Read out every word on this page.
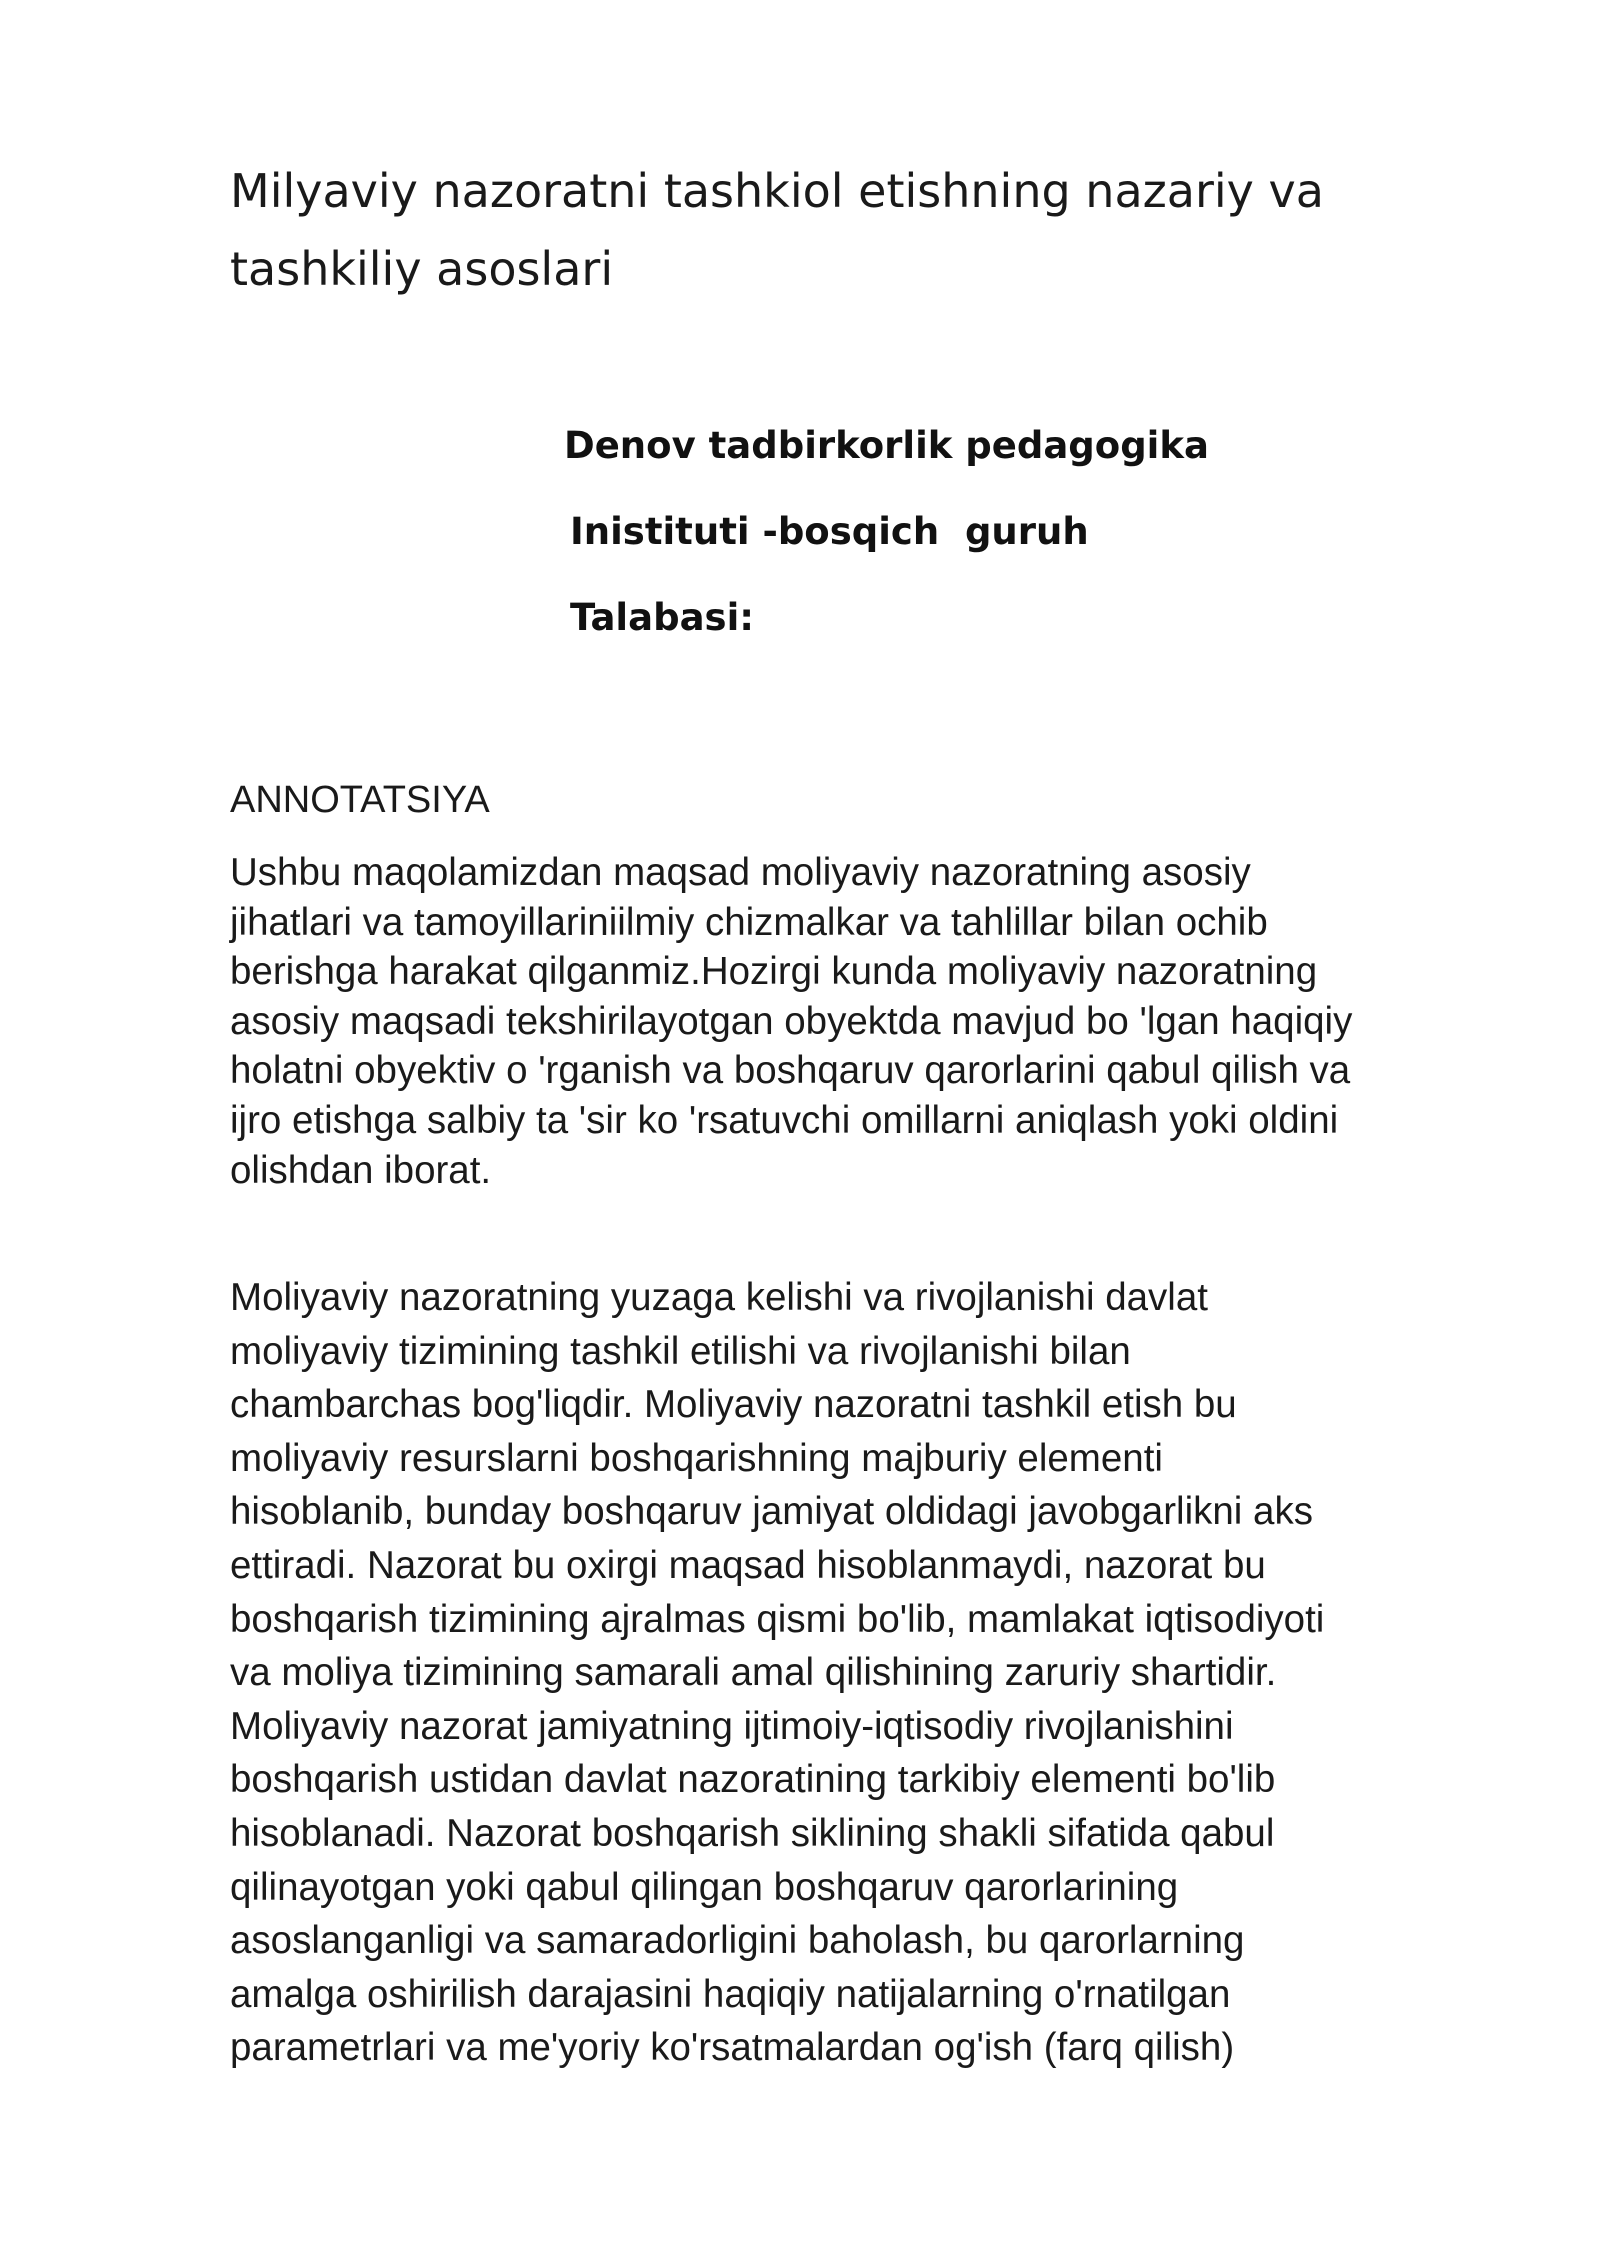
Milyaviy nazoratni tashkiol etishning nazariy va
tashkiliy asoslari
Denov tadbirkorlik pedagogika
Inistituti -bosqich  guruh
Talabasi:
ANNOTATSIYA

Ushbu maqolamizdan maqsad moliyaviy nazoratning asosiy
jihatlari va tamoyillariniilmiy chizmalkar va tahlillar bilan ochib
berishga harakat qilganmiz.Hozirgi kunda moliyaviy nazoratning
asosiy maqsadi tekshirilayotgan obyektda mavjud bo 'lgan haqiqiy
holatni obyektiv o 'rganish va boshqaruv qarorlarini qabul qilish va
ijro etishga salbiy ta 'sir ko 'rsatuvchi omillarni aniqlash yoki oldini
olishdan iborat.

Moliyaviy nazoratning yuzaga kelishi va rivojlanishi davlat
moliyaviy tizimining tashkil etilishi va rivojlanishi bilan
chambarchas bog'liqdir. Moliyaviy nazoratni tashkil etish bu
moliyaviy resurslarni boshqarishning majburiy elementi
hisoblanib, bunday boshqaruv jamiyat oldidagi javobgarlikni aks
ettiradi. Nazorat bu oxirgi maqsad hisoblanmaydi, nazorat bu
boshqarish tizimining ajralmas qismi bo'lib, mamlakat iqtisodiyoti
va moliya tizimining samarali amal qilishining zaruriy shartidir.
Moliyaviy nazorat jamiyatning ijtimoiy-iqtisodiy rivojlanishini
boshqarish ustidan davlat nazoratining tarkibiy elementi bo'lib
hisoblanadi. Nazorat boshqarish siklining shakli sifatida qabul
qilinayotgan yoki qabul qilingan boshqaruv qarorlarining
asoslanganligi va samaradorligini baholash, bu qarorlarning
amalga oshirilish darajasini haqiqiy natijalarning o'rnatilgan
parametrlari va me'yoriy ko'rsatmalardan og'ish (farq qilish)
